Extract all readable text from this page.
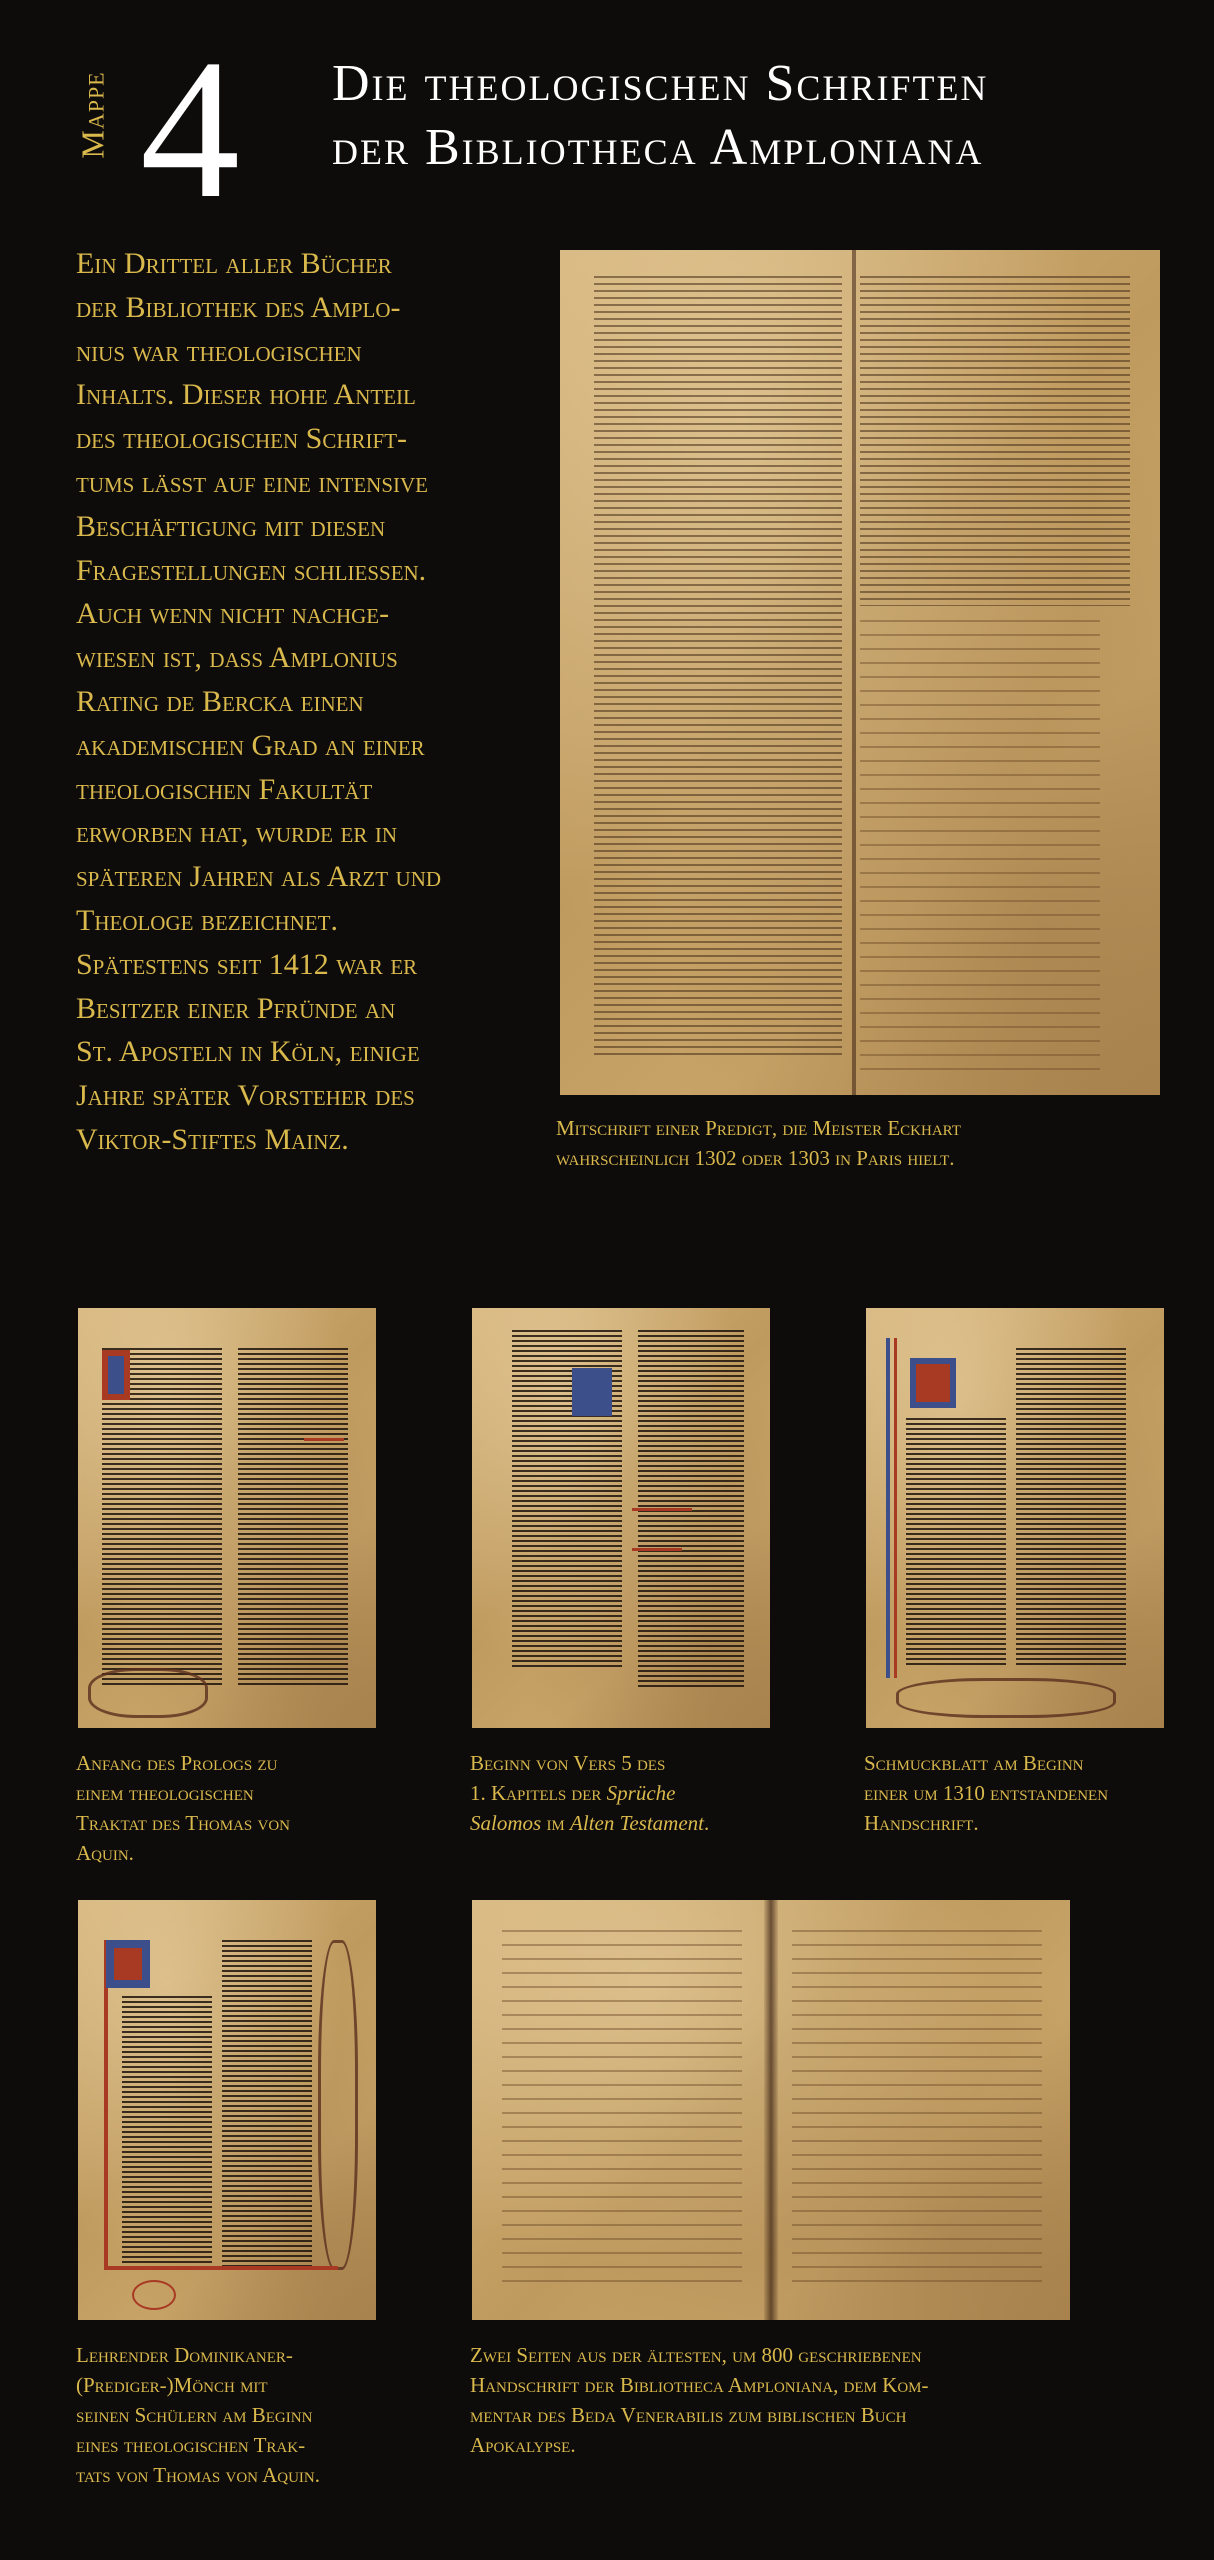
Mappe 4 Die theologischen Schriften
der Bibliotheca Amploniana
Ein Drittel aller Bücher
der Bibliothek des Amplo-
nius war theologischen
Inhalts. Dieser hohe Anteil
des theologischen Schrift-
tums lässt auf eine intensive
Beschäftigung mit diesen
Fragestellungen schliessen.
Auch wenn nicht nachge-
wiesen ist, dass Amplonius
Rating de Bercka einen
akademischen Grad an einer
theologischen Fakultät
erworben hat, wurde er in
späteren Jahren als Arzt und
Theologe bezeichnet.
Spätestens seit 1412 war er
Besitzer einer Pfründe an
St. Aposteln in Köln, einige
Jahre später Vorsteher des
Viktor-Stiftes Mainz.	Mitschrift einer Predigt, die Meister Eckhart
wahrscheinlich 1302 oder 1303 in Paris hielt.
Anfang des Prologs zu
einem theologischen
Traktat des Thomas von
Aquin.
Beginn von Vers 5 des
1. Kapitels der Sprüche
Salomos im Alten Testament.
Schmuckblatt am Beginn
einer um 1310 entstandenen
Handschrift.
Lehrender Dominikaner-
(Prediger-)Mönch mit
seinen Schülern am Beginn
eines theologischen Trak-
tats von Thomas von Aquin.
Zwei Seiten aus der ältesten, um 800 geschriebenen
Handschrift der Bibliotheca Amploniana, dem Kom-
mentar des Beda Venerabilis zum biblischen Buch
Apokalypse.
